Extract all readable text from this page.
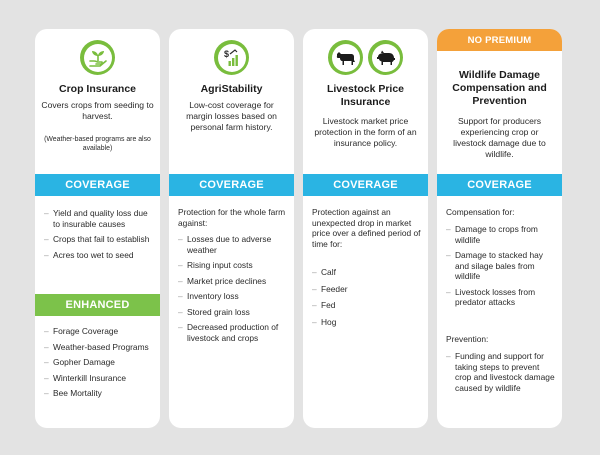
Crop Insurance
Covers crops from seeding to harvest.
(Weather-based programs are also available)
COVERAGE
– Yield and quality loss due to insurable causes
– Crops that fail to establish
– Acres too wet to seed
ENHANCED
– Forage Coverage
– Weather-based Programs
– Gopher Damage
– Winterkill Insurance
– Bee Mortality
$
AgriStability
Low-cost coverage for margin losses based on personal farm history.
COVERAGE
Protection for the whole farm against:
– Losses due to adverse weather
– Rising input costs
– Market price declines
– Inventory loss
– Stored grain loss
– Decreased production of livestock and crops
Livestock Price Insurance
Livestock market price protection in the form of an insurance policy.
COVERAGE
Protection against an unexpected drop in market price over a defined period of time for:
– Calf
– Feeder
– Fed
– Hog
NO PREMIUM
Wildlife Damage Compensation and Prevention
Support for producers experiencing crop or livestock damage due to wildlife.
COVERAGE
Compensation for:
– Damage to crops from wildlife
– Damage to stacked hay and silage bales from wildlife
– Livestock losses from predator attacks
Prevention:
– Funding and support for taking steps to prevent crop and livestock damage caused by wildlife
